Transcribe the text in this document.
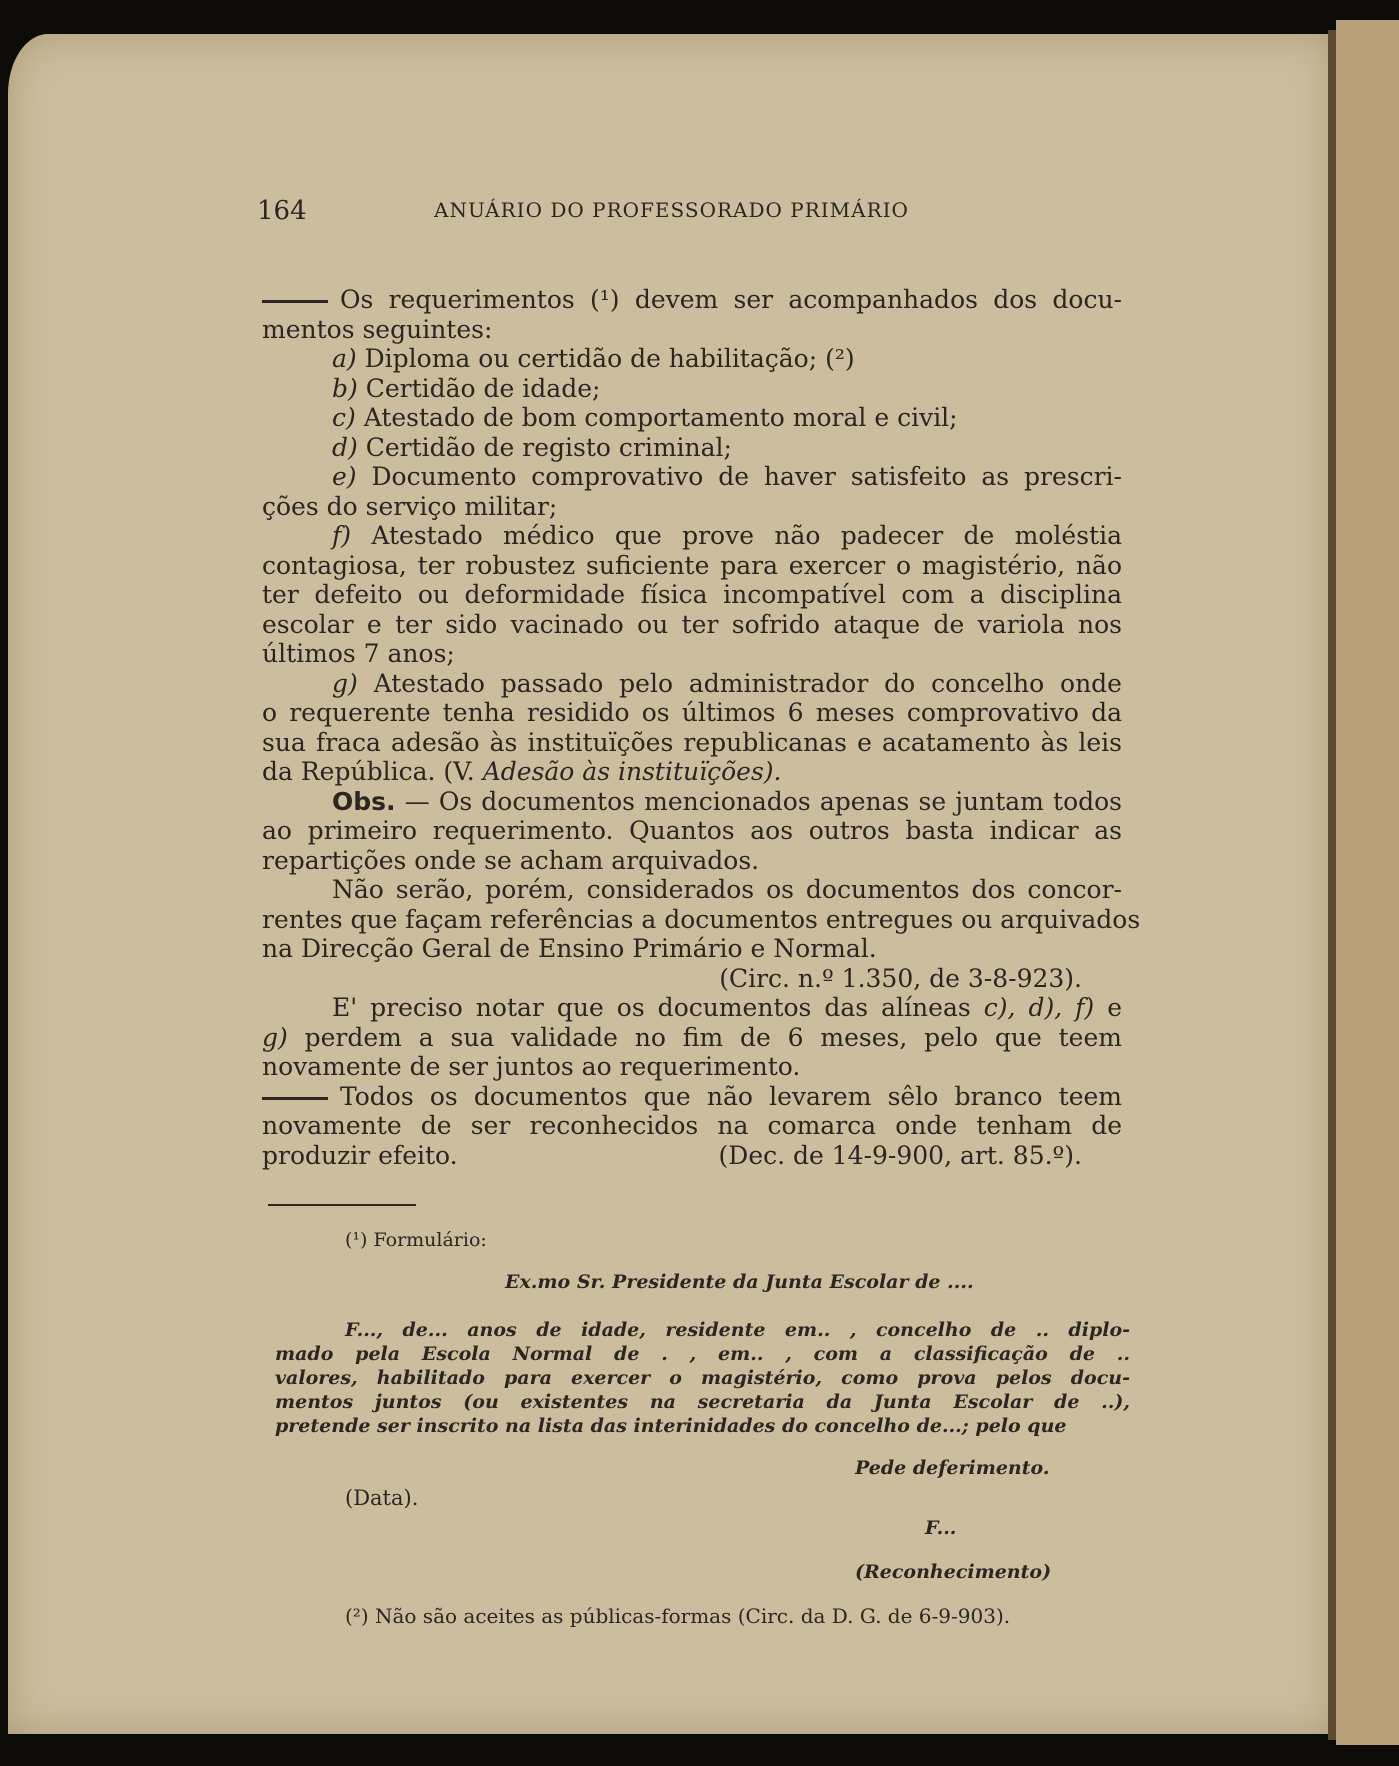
164	ANUÁRIO DO PROFESSORADO PRIMÁRIO
Os requerimentos (¹) devem ser acompanhados dos docu-
mentos seguintes:
a) Diploma ou certidão de habilitação; (²)
b) Certidão de idade;
c) Atestado de bom comportamento moral e civil;
d) Certidão de registo criminal;
e) Documento comprovativo de haver satisfeito as prescri-
ções do serviço militar;
f) Atestado médico que prove não padecer de moléstia
contagiosa, ter robustez suficiente para exercer o magistério, não
ter defeito ou deformidade física incompatível com a disciplina
escolar e ter sido vacinado ou ter sofrido ataque de variola nos
últimos 7 anos;
g) Atestado passado pelo administrador do concelho onde
o requerente tenha residido os últimos 6 meses comprovativo da
sua fraca adesão às instituïções republicanas e acatamento às leis
da República. (V. Adesão às instituïções).
Obs. — Os documentos mencionados apenas se juntam todos
ao primeiro requerimento. Quantos aos outros basta indicar as
repartições onde se acham arquivados.
Não serão, porém, considerados os documentos dos concor-
rentes que façam referências a documentos entregues ou arquivados
na Direcção Geral de Ensino Primário e Normal.
(Circ. n.º 1.350, de 3-8-923).
E' preciso notar que os documentos das alíneas c), d), f) e
g) perdem a sua validade no fim de 6 meses, pelo que teem
novamente de ser juntos ao requerimento.
Todos os documentos que não levarem sêlo branco teem
novamente de ser reconhecidos na comarca onde tenham de
produzir efeito.	(Dec. de 14-9-900, art. 85.º).
(¹) Formulário:
Ex.mo Sr. Presidente da Junta Escolar de ....
F..., de... anos de idade, residente em.. , concelho de .. diplo-
mado pela Escola Normal de . , em.. , com a classificação de ..
valores, habilitado para exercer o magistério, como prova pelos docu-
mentos juntos (ou existentes na secretaria da Junta Escolar de ..),
pretende ser inscrito na lista das interinidades do concelho de...; pelo que
Pede deferimento.
(Data).
F...
(Reconhecimento)
(²) Não são aceites as públicas-formas (Circ. da D. G. de 6-9-903).
